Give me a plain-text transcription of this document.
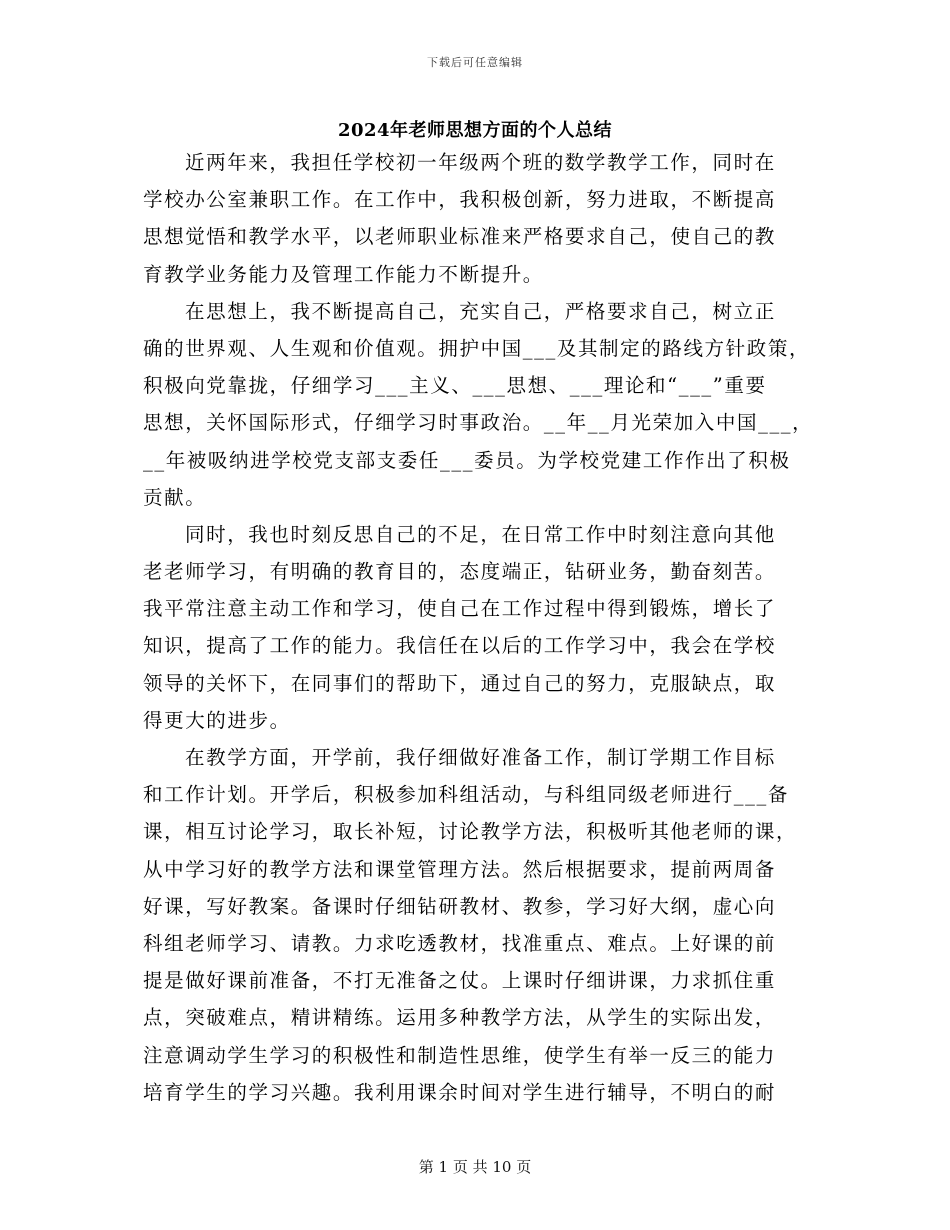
下载后可任意编辑
2024年老师思想方面的个人总结
近两年来，我担任学校初一年级两个班的数学教学工作，同时在
学校办公室兼职工作。在工作中，我积极创新，努力进取，不断提高
思想觉悟和教学水平，以老师职业标准来严格要求自己，使自己的教
育教学业务能力及管理工作能力不断提升。
在思想上，我不断提高自己，充实自己，严格要求自己，树立正
确的世界观、人生观和价值观。拥护中国___及其制定的路线方针政策，
积极向党靠拢，仔细学习___主义、___思想、___理论和“___”重要
思想，关怀国际形式，仔细学习时事政治。__年__月光荣加入中国___，
__年被吸纳进学校党支部支委任___委员。为学校党建工作作出了积极
贡献。
同时，我也时刻反思自己的不足，在日常工作中时刻注意向其他
老老师学习，有明确的教育目的，态度端正，钻研业务，勤奋刻苦。
我平常注意主动工作和学习，使自己在工作过程中得到锻炼，增长了
知识，提高了工作的能力。我信任在以后的工作学习中，我会在学校
领导的关怀下，在同事们的帮助下，通过自己的努力，克服缺点，取
得更大的进步。
在教学方面，开学前，我仔细做好准备工作，制订学期工作目标
和工作计划。开学后，积极参加科组活动，与科组同级老师进行___备
课，相互讨论学习，取长补短，讨论教学方法，积极听其他老师的课，
从中学习好的教学方法和课堂管理方法。然后根据要求，提前两周备
好课，写好教案。备课时仔细钻研教材、教参，学习好大纲，虚心向
科组老师学习、请教。力求吃透教材，找准重点、难点。上好课的前
提是做好课前准备，不打无准备之仗。上课时仔细讲课，力求抓住重
点，突破难点，精讲精练。运用多种教学方法，从学生的实际出发，
注意调动学生学习的积极性和制造性思维，使学生有举一反三的能力
培育学生的学习兴趣。我利用课余时间对学生进行辅导，不明白的耐
第 1 页 共 10 页
